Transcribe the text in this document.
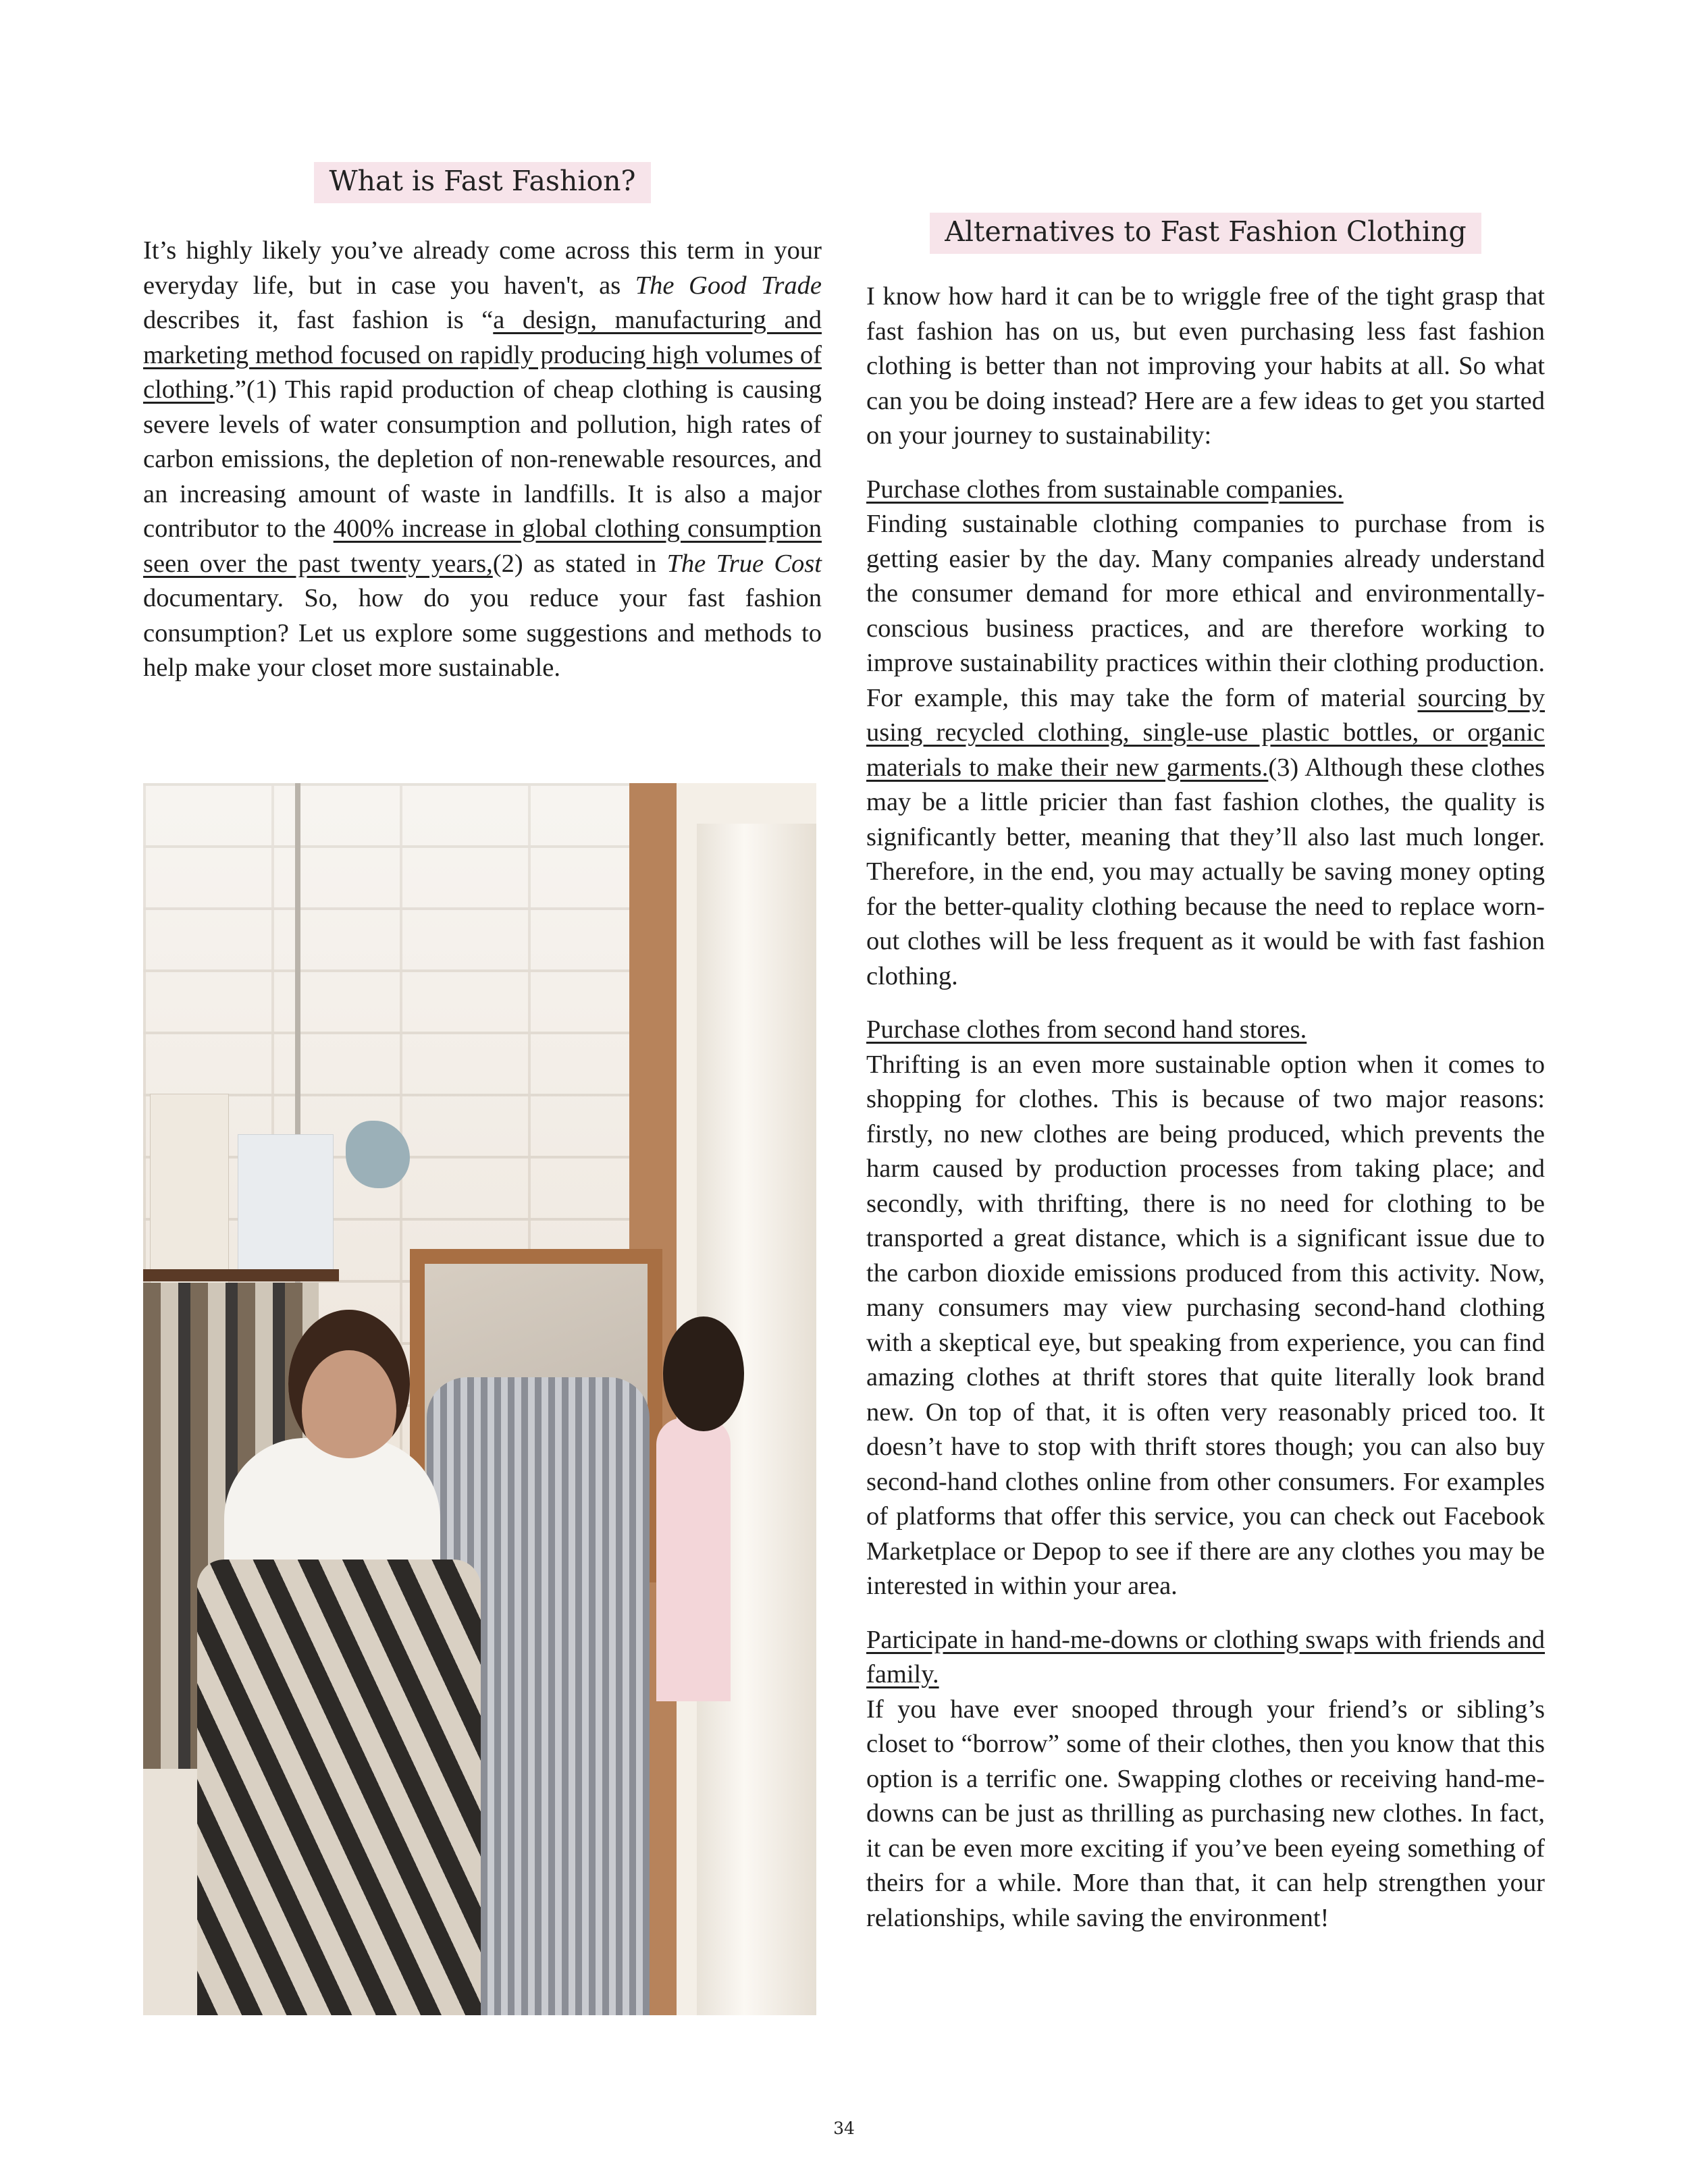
What is Fast Fashion?

It’s highly likely you’ve already come across this term in your everyday life, but in case you haven't, as The Good Trade describes it, fast fashion is “a design, manufacturing and marketing method focused on rapidly producing high volumes of clothing.”(1) This rapid production of cheap clothing is causing severe levels of water consumption and pollution, high rates of carbon emissions, the depletion of non-renewable resources, and an increasing amount of waste in landfills. It is also a major contributor to the 400% increase in global clothing consumption seen over the past twenty years,(2) as stated in The True Cost documentary. So, how do you reduce your fast fashion consumption? Let us explore some suggestions and methods to help make your closet more sustainable.

Alternatives to Fast Fashion Clothing

I know how hard it can be to wriggle free of the tight grasp that fast fashion has on us, but even purchasing less fast fashion clothing is better than not improving your habits at all. So what can you be doing instead? Here are a few ideas to get you started on your journey to sustainability:

Purchase clothes from sustainable companies.
Finding sustainable clothing companies to purchase from is getting easier by the day. Many companies already understand the consumer demand for more ethical and environmentally-conscious business practices, and are therefore working to improve sustainability practices within their clothing production. For example, this may take the form of material sourcing by using recycled clothing, single-use plastic bottles, or organic materials to make their new garments.(3) Although these clothes may be a little pricier than fast fashion clothes, the quality is significantly better, meaning that they’ll also last much longer. Therefore, in the end, you may actually be saving money opting for the better-quality clothing because the need to replace worn-out clothes will be less frequent as it would be with fast fashion clothing.

Purchase clothes from second hand stores.
Thrifting is an even more sustainable option when it comes to shopping for clothes. This is because of two major reasons: firstly, no new clothes are being produced, which prevents the harm caused by production processes from taking place; and secondly, with thrifting, there is no need for clothing to be transported a great distance, which is a significant issue due to the carbon dioxide emissions produced from this activity. Now, many consumers may view purchasing second-hand clothing with a skeptical eye, but speaking from experience, you can find amazing clothes at thrift stores that quite literally look brand new. On top of that, it is often very reasonably priced too. It doesn’t have to stop with thrift stores though; you can also buy second-hand clothes online from other consumers. For examples of platforms that offer this service, you can check out Facebook Marketplace or Depop to see if there are any clothes you may be interested in within your area.

Participate in hand-me-downs or clothing swaps with friends and family.
If you have ever snooped through your friend’s or sibling’s closet to “borrow” some of their clothes, then you know that this option is a terrific one. Swapping clothes or receiving hand-me-downs can be just as thrilling as purchasing new clothes. In fact, it can be even more exciting if you’ve been eyeing something of theirs for a while. More than that, it can help strengthen your relationships, while saving the environment!

34
